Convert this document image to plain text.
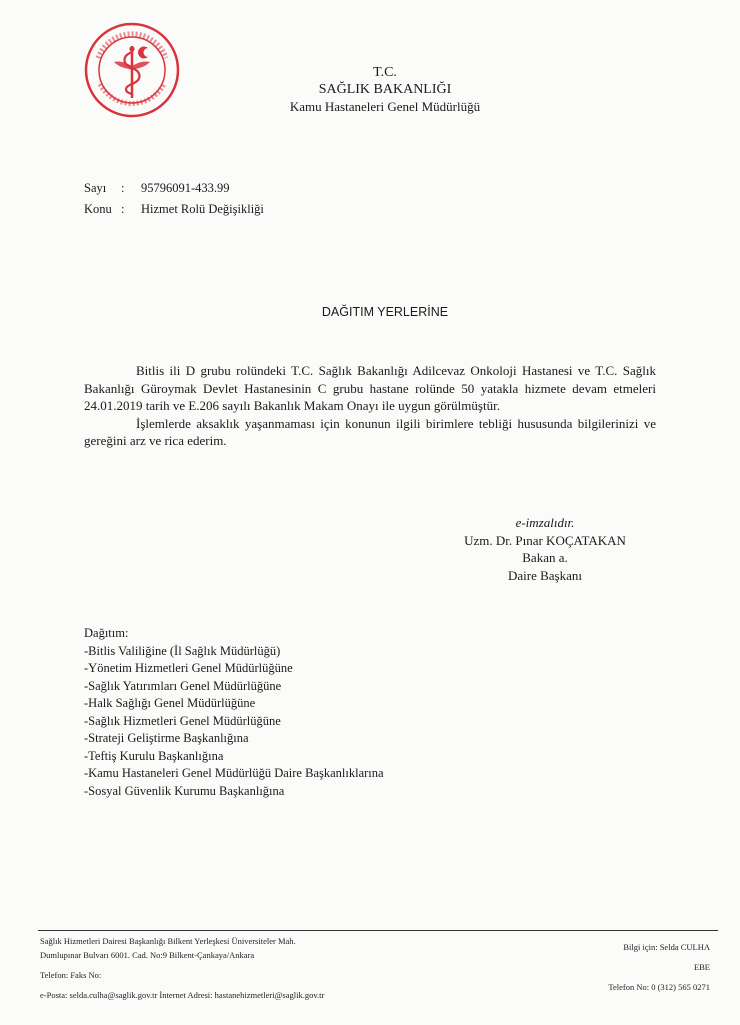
T.C.
SAĞLIK BAKANLIĞI
Kamu Hastaneleri Genel Müdürlüğü
Sayı	:	95796091-433.99
Konu :	Hizmet Rolü Değişikliği
DAĞITIM YERLERİNE

Bitlis ili D grubu rolündeki T.C. Sağlık Bakanlığı Adilcevaz Onkoloji Hastanesi ve T.C. Sağlık Bakanlığı Güroymak Devlet Hastanesinin C grubu hastane rolünde 50 yatakla hizmete devam etmeleri 24.01.2019 tarih ve E.206 sayılı Bakanlık Makam Onayı ile uygun görülmüştür.

İşlemlerde aksaklık yaşanmaması için konunun ilgili birimlere tebliği hususunda bilgilerinizi ve gereğini arz ve rica ederim.

e-imzalıdır.
Uzm. Dr. Pınar KOÇATAKAN
Bakan a.
Daire Başkanı
Dağıtım:
-Bitlis Valiliğine (İl Sağlık Müdürlüğü)
-Yönetim Hizmetleri Genel Müdürlüğüne
-Sağlık Yatırımları Genel Müdürlüğüne
-Halk Sağlığı Genel Müdürlüğüne
-Sağlık Hizmetleri Genel Müdürlüğüne
-Strateji Geliştirme Başkanlığına
-Teftiş Kurulu Başkanlığına
-Kamu Hastaneleri Genel Müdürlüğü Daire Başkanlıklarına
-Sosyal Güvenlik Kurumu Başkanlığına
Sağlık Hizmetleri Dairesi Başkanlığı Bilkent Yerleşkesi Üniversiteler Mah.
Dumlupınar Bulvarı 6001. Cad. No:9 Bilkent-Çankaya/Ankara
Telefon: Faks No:
e-Posta: selda.culha@saglik.gov.tr İnternet Adresi: hastanehizmetleri@saglik.gov.tr
Bilgi için: Selda CULHA
EBE
Telefon No: 0 (312) 565 0271
